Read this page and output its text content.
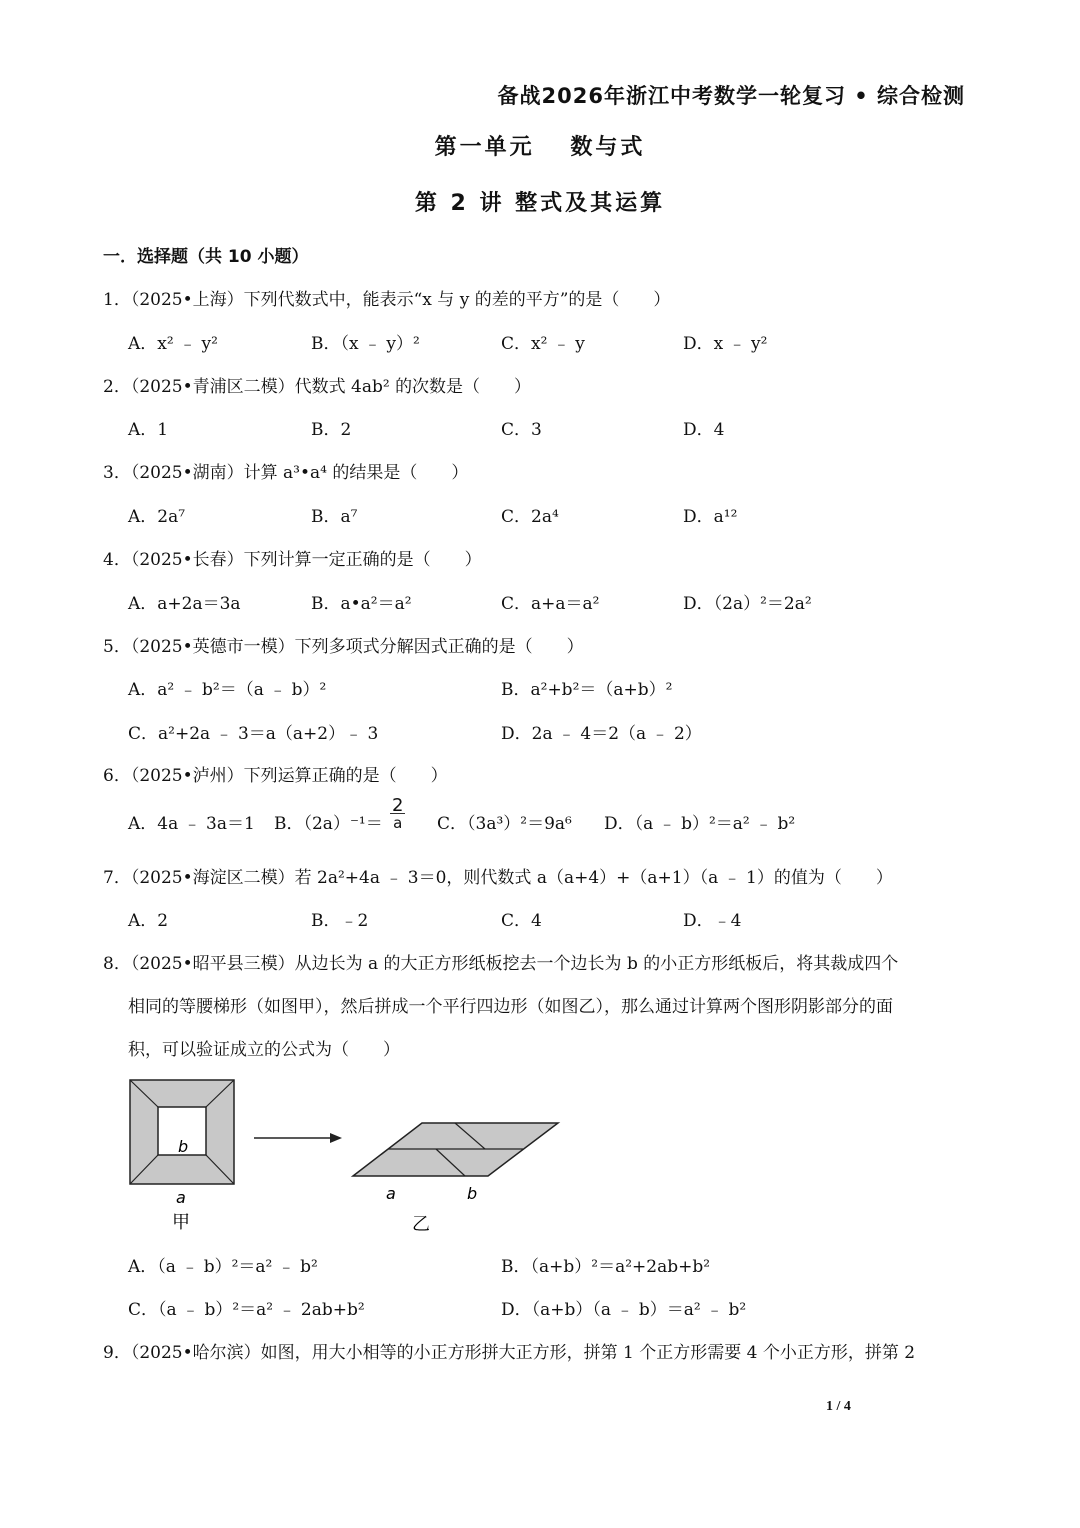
备战2026年浙江中考数学一轮复习 • 综合检测
第一单元　 数与式
第 2 讲 整式及其运算
一．选择题（共 10 小题）
1．（2025•上海）下列代数式中，能表示“x 与 y 的差的平方”的是（　　）
A．x² ﹣ y²	B．（x ﹣ y）²	C．x² ﹣ y	D．x ﹣ y²
2．（2025•青浦区二模）代数式 4ab² 的次数是（　　）
A．1	B．2	C．3	D．4
3．（2025•湖南）计算 a³•a⁴ 的结果是（　　）
A．2a⁷	B．a⁷	C．2a⁴	D．a¹²
4．（2025•长春）下列计算一定正确的是（　　）
A．a+2a＝3a	B．a•a²＝a²	C．a+a＝a²	D．（2a）²＝2a²
5．（2025•英德市一模）下列多项式分解因式正确的是（　　）
A．a² ﹣ b²＝（a ﹣ b）²	B．a²+b²＝（a+b）²
C．a²+2a ﹣ 3＝a（a+2）﹣ 3	D．2a ﹣ 4＝2（a ﹣ 2）
6．（2025•泸州）下列运算正确的是（　　）
A．4a ﹣ 3a＝1 B．$(2a)^{-1}= \frac{2}{a}$ C．（3a³）²＝9a⁶ D．（a ﹣ b）²＝a² ﹣ b²
7．（2025•海淀区二模）若 2a²+4a ﹣ 3＝0，则代数式 a（a+4）+（a+1）（a ﹣ 1）的值为（　　）
A．2	B．﹣2	C．4	D．﹣4
8．（2025•昭平县三模）从边长为 a 的大正方形纸板挖去一个边长为 b 的小正方形纸板后，将其裁成四个
相同的等腰梯形（如图甲），然后拼成一个平行四边形（如图乙），那么通过计算两个图形阴影部分的面
积，可以验证成立的公式为（　　）
b
a
甲
a	b
乙
A．（a ﹣ b）²＝a² ﹣ b²	B．（a+b）²＝a²+2ab+b²
C．（a ﹣ b）²＝a² ﹣ 2ab+b²	D．（a+b）（a ﹣ b）＝a² ﹣ b²
9．（2025•哈尔滨）如图，用大小相等的小正方形拼大正方形，拼第 1 个正方形需要 4 个小正方形，拼第 2
1 / 4
